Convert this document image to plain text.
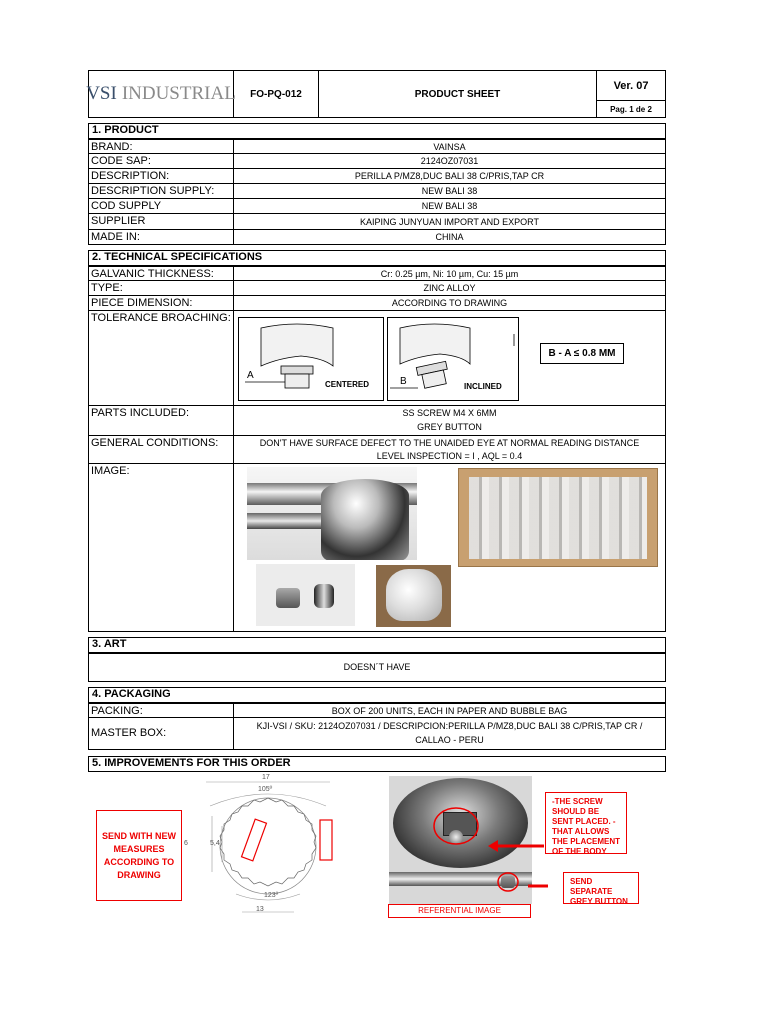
VSI INDUSTRIAL	FO-PQ-012	PRODUCT SHEET
Ver. 07
Pag. 1 de 2
1. PRODUCT
BRAND:	VAINSA
CODE SAP:	2124OZ07031
DESCRIPTION:	PERILLA P/MZ8,DUC BALI 38 C/PRIS,TAP CR
DESCRIPTION SUPPLY:	NEW BALI 38
COD SUPPLY	NEW BALI 38
SUPPLIER	KAIPING JUNYUAN IMPORT AND EXPORT
MADE IN:	CHINA
2. TECHNICAL SPECIFICATIONS
GALVANIC THICKNESS:	Cr: 0.25 µm, Ni: 10 µm, Cu: 15 µm
TYPE:	ZINC ALLOY
PIECE DIMENSION:	ACCORDING TO DRAWING
TOLERANCE BROACHING:
A
CENTERED	B	INCLINED
B - A ≤ 0.8 MM
PARTS INCLUDED:	SS SCREW M4 X 6MM
GREY BUTTON
GENERAL CONDITIONS:	DON'T HAVE SURFACE DEFECT TO THE UNAIDED EYE AT NORMAL READING DISTANCE
LEVEL INSPECTION = I , AQL = 0.4
IMAGE:
3. ART
DOESN´T HAVE
4. PACKAGING
PACKING:	BOX OF 200 UNITS, EACH IN PAPER AND BUBBLE BAG
MASTER BOX:
KJI-VSI / SKU: 2124OZ07031 / DESCRIPCION:PERILLA P/MZ8,DUC BALI 38 C/PRIS,TAP CR /
CALLAO - PERU
5. IMPROVEMENTS FOR THIS ORDER
SEND WITH NEW MEASURES ACCORDING TO DRAWING
17
105º
6	5,4
123º
13
-THE SCREW SHOULD BE SENT PLACED. -THAT ALLOWS THE PLACEMENT OF THE BODY
SEND SEPARATE GREY BUTTON
REFERENTIAL IMAGE
